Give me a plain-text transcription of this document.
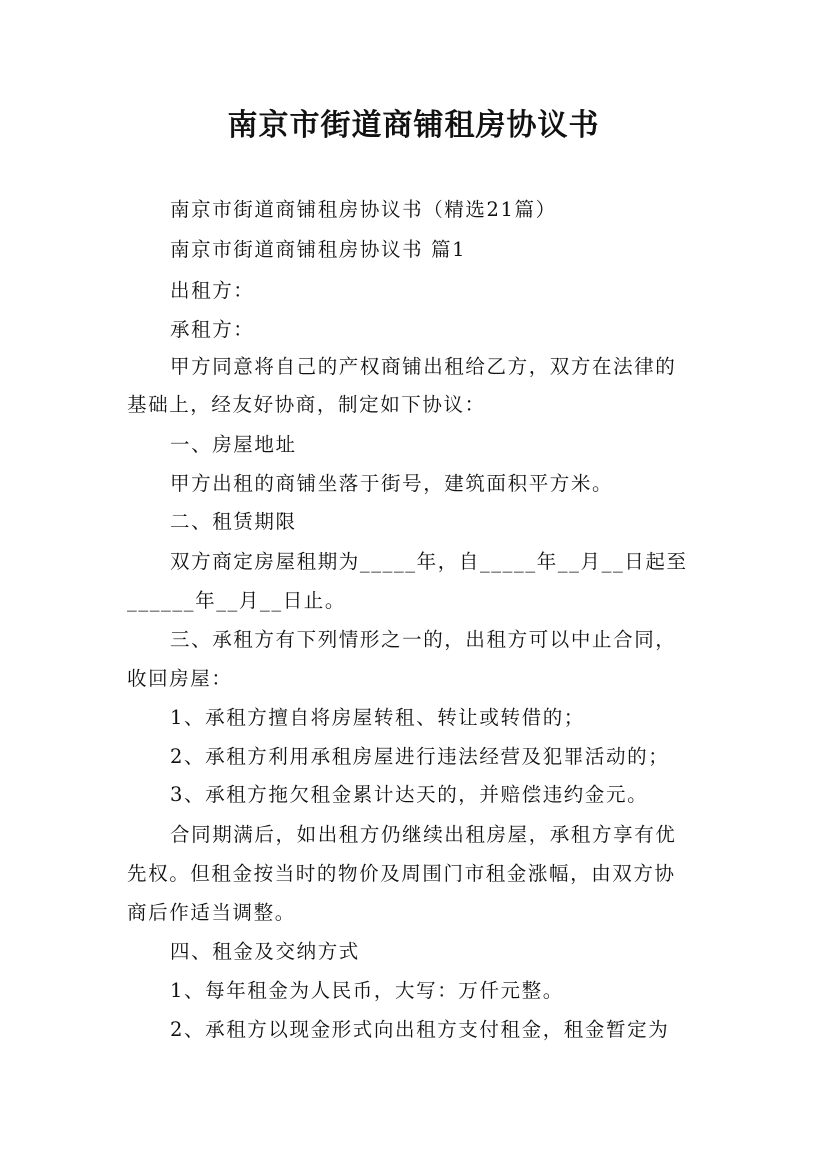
南京市街道商铺租房协议书
南京市街道商铺租房协议书（精选21篇）
南京市街道商铺租房协议书 篇1
出租方：
承租方：
甲方同意将自己的产权商铺出租给乙方，双方在法律的
基础上，经友好协商，制定如下协议：
一、房屋地址
甲方出租的商铺坐落于街号，建筑面积平方米。
二、租赁期限
双方商定房屋租期为_____年，自_____年__月__日起至
______年__月__日止。
三、承租方有下列情形之一的，出租方可以中止合同，
收回房屋：
1、承租方擅自将房屋转租、转让或转借的；
2、承租方利用承租房屋进行违法经营及犯罪活动的；
3、承租方拖欠租金累计达天的，并赔偿违约金元。
合同期满后，如出租方仍继续出租房屋，承租方享有优
先权。但租金按当时的物价及周围门市租金涨幅，由双方协
商后作适当调整。
四、租金及交纳方式
1、每年租金为人民币，大写：万仟元整。
2、承租方以现金形式向出租方支付租金，租金暂定为
